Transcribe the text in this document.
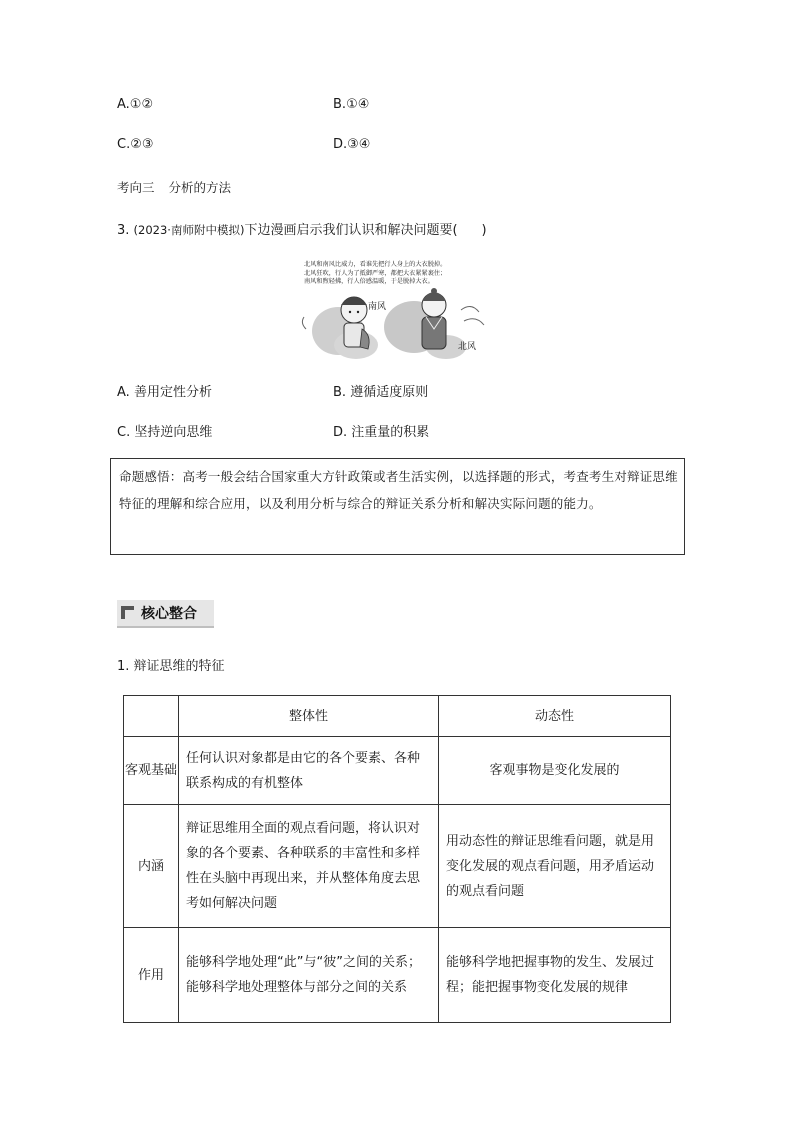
A.①②	B.①④
C.②③	D.③④
考向三 分析的方法
3. (2023·南师附中模拟)下边漫画启示我们认识和解决问题要( )
北风和南风比威力，看谁先把行人身上的大衣脱掉。
北风狂吹，行人为了抵御严寒，都把大衣紧紧裹住；
南风和煦轻拂，行人倍感温暖，于是脱掉大衣。
南风
北风
A. 善用定性分析	B. 遵循适度原则
C. 坚持逆向思维	D. 注重量的积累
命题感悟：高考一般会结合国家重大方针政策或者生活实例，以选择题的形式，考查考生对辩证思维特征的理解和综合应用，以及利用分析与综合的辩证关系分析和解决实际问题的能力。
核心整合
1. 辩证思维的特征
	整体性	动态性
客观基础	任何认识对象都是由它的各个要素、各种联系构成的有机整体	客观事物是变化发展的
内涵	辩证思维用全面的观点看问题，将认识对象的各个要素、各种联系的丰富性和多样性在头脑中再现出来，并从整体角度去思考如何解决问题	用动态性的辩证思维看问题，就是用变化发展的观点看问题，用矛盾运动的观点看问题
作用	能够科学地处理“此”与“彼”之间的关系；能够科学地处理整体与部分之间的关系	能够科学地把握事物的发生、发展过程；能把握事物变化发展的规律
